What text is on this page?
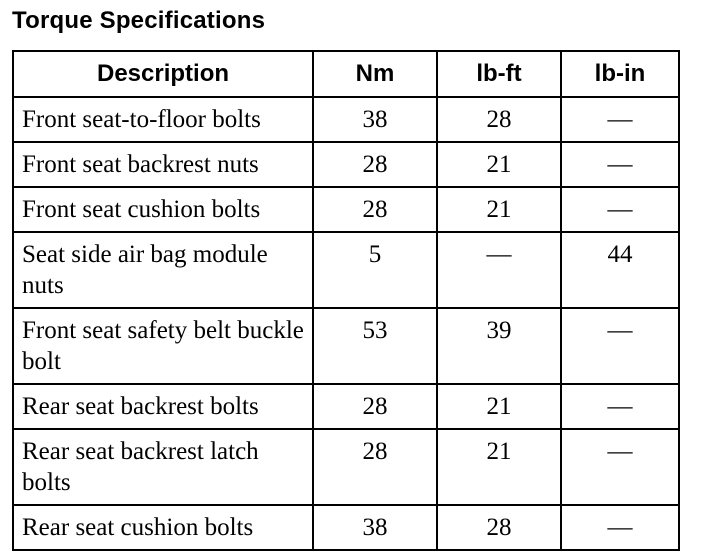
Torque Specifications
Description	Nm	lb-ft	lb-in
Front seat-to-floor bolts	38	28	—
Front seat backrest nuts	28	21	—
Front seat cushion bolts	28	21	—
Seat side air bag module nuts	5	—	44
Front seat safety belt buckle bolt	53	39	—
Rear seat backrest bolts	28	21	—
Rear seat backrest latch bolts	28	21	—
Rear seat cushion bolts	38	28	—
